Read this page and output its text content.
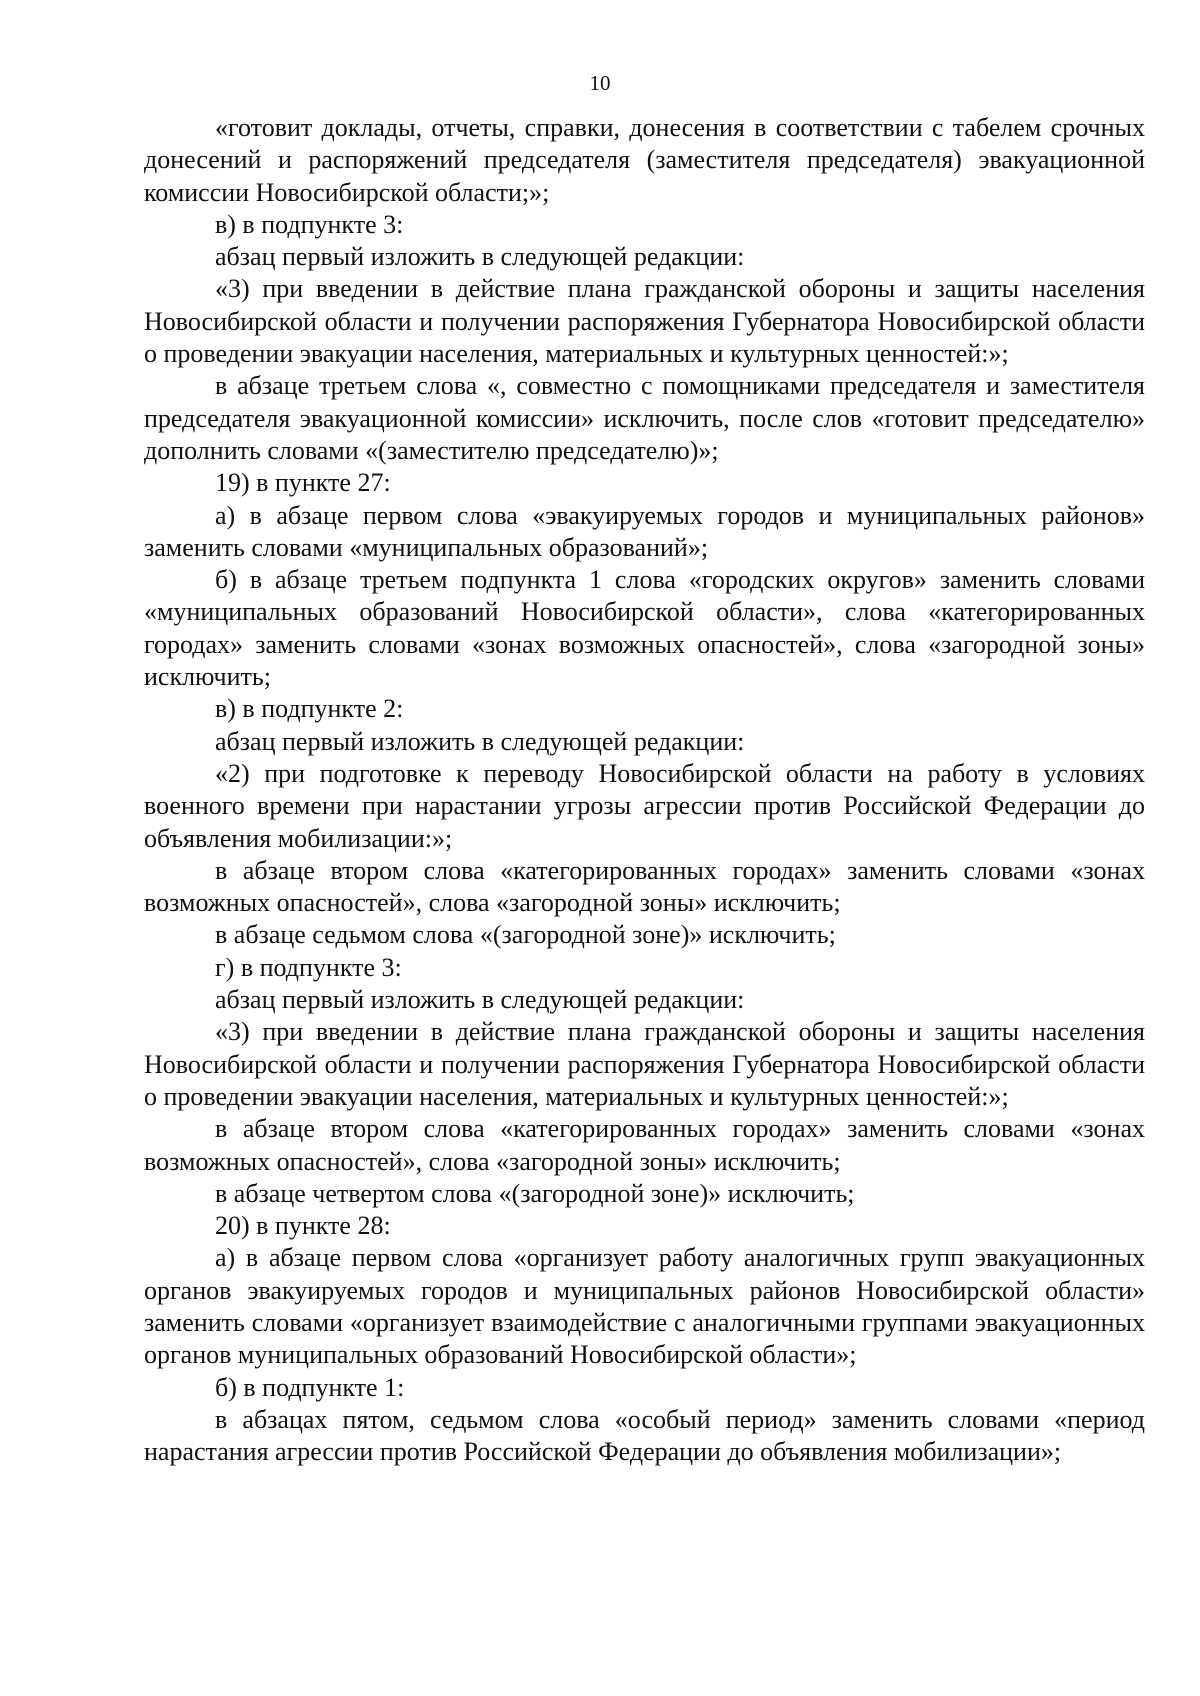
10

«готовит доклады, отчеты, справки, донесения в соответствии с табелем срочных донесений и распоряжений председателя (заместителя председателя) эвакуационной комиссии Новосибирской области;»;

в) в подпункте 3:

абзац первый изложить в следующей редакции:

«3) при введении в действие плана гражданской обороны и защиты населения Новосибирской области и получении распоряжения Губернатора Новосибирской области о проведении эвакуации населения, материальных и культурных ценностей:»;

в абзаце третьем слова «, совместно с помощниками председателя и заместителя председателя эвакуационной комиссии» исключить, после слов «готовит председателю» дополнить словами «(заместителю председателю)»;

19) в пункте 27:

а) в абзаце первом слова «эвакуируемых городов и муниципальных районов» заменить словами «муниципальных образований»;

б) в абзаце третьем подпункта 1 слова «городских округов» заменить словами «муниципальных образований Новосибирской области», слова «категорированных городах» заменить словами «зонах возможных опасностей», слова «загородной зоны» исключить;

в) в подпункте 2:

абзац первый изложить в следующей редакции:

«2) при подготовке к переводу Новосибирской области на работу в условиях военного времени при нарастании угрозы агрессии против Российской Федерации до объявления мобилизации:»;

в абзаце втором слова «категорированных городах» заменить словами «зонах возможных опасностей», слова «загородной зоны» исключить;

в абзаце седьмом слова «(загородной зоне)» исключить;

г) в подпункте 3:

абзац первый изложить в следующей редакции:

«3) при введении в действие плана гражданской обороны и защиты населения Новосибирской области и получении распоряжения Губернатора Новосибирской области о проведении эвакуации населения, материальных и культурных ценностей:»;

в абзаце втором слова «категорированных городах» заменить словами «зонах возможных опасностей», слова «загородной зоны» исключить;

в абзаце четвертом слова «(загородной зоне)» исключить;

20) в пункте 28:

а) в абзаце первом слова «организует работу аналогичных групп эвакуационных органов эвакуируемых городов и муниципальных районов Новосибирской области» заменить словами «организует взаимодействие с аналогичными группами эвакуационных органов муниципальных образований Новосибирской области»;

б) в подпункте 1:

в абзацах пятом, седьмом слова «особый период» заменить словами «период нарастания агрессии против Российской Федерации до объявления мобилизации»;
